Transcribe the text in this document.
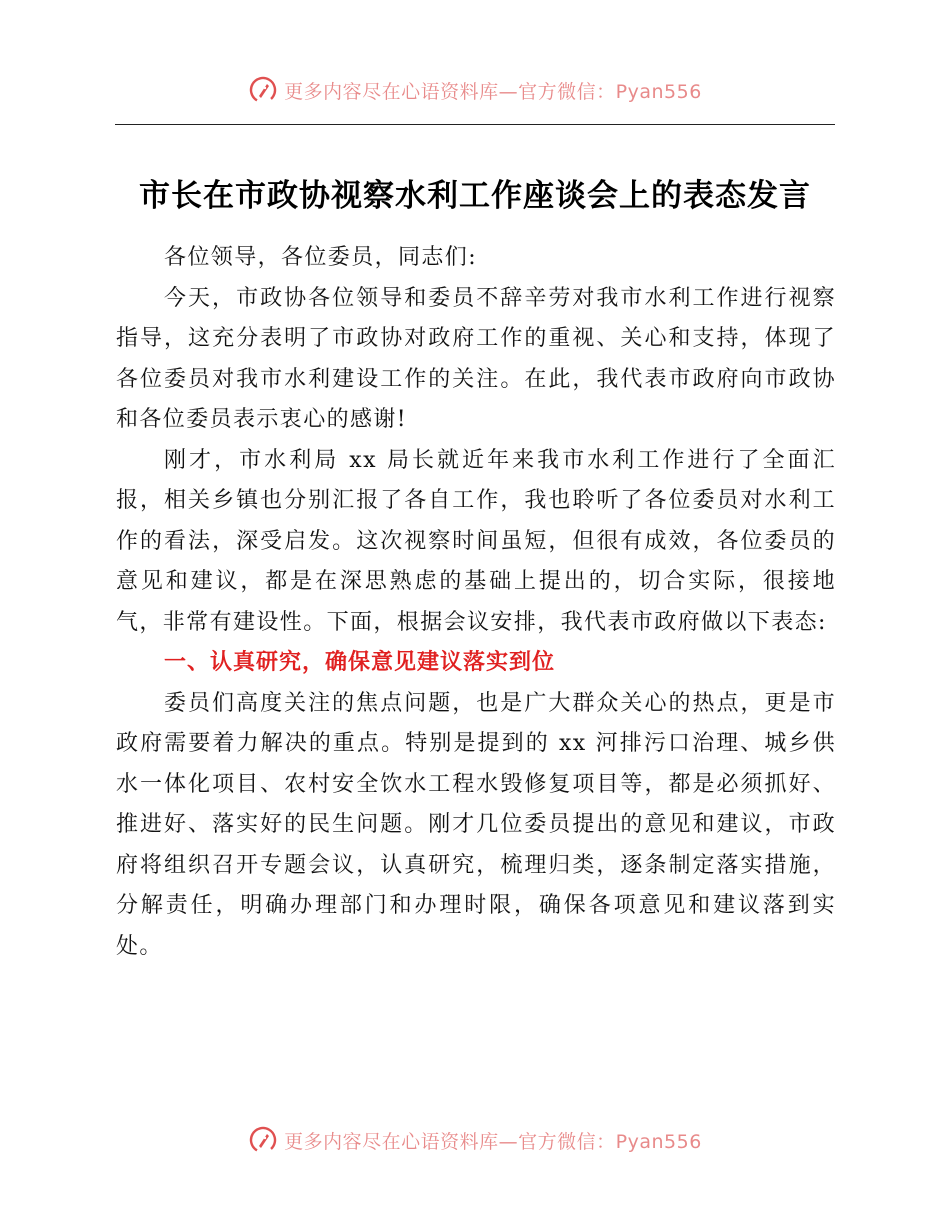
更多内容尽在心语资料库—官方微信：Pyan556
市长在市政协视察水利工作座谈会上的表态发言

各位领导，各位委员，同志们:

今天，市政协各位领导和委员不辞辛劳对我市水利工作进行视察指导，这充分表明了市政协对政府工作的重视、关心和支持，体现了各位委员对我市水利建设工作的关注。在此，我代表市政府向市政协和各位委员表示衷心的感谢!

刚才，市水利局 xx 局长就近年来我市水利工作进行了全面汇报，相关乡镇也分别汇报了各自工作，我也聆听了各位委员对水利工作的看法，深受启发。这次视察时间虽短，但很有成效，各位委员的意见和建议，都是在深思熟虑的基础上提出的，切合实际，很接地气，非常有建设性。下面，根据会议安排，我代表市政府做以下表态:

一、认真研究，确保意见建议落实到位

委员们高度关注的焦点问题，也是广大群众关心的热点，更是市政府需要着力解决的重点。特别是提到的 xx 河排污口治理、城乡供水一体化项目、农村安全饮水工程水毁修复项目等，都是必须抓好、推进好、落实好的民生问题。刚才几位委员提出的意见和建议，市政府将组织召开专题会议，认真研究，梳理归类，逐条制定落实措施，分解责任，明确办理部门和办理时限，确保各项意见和建议落到实处。

更多内容尽在心语资料库—官方微信：Pyan556
